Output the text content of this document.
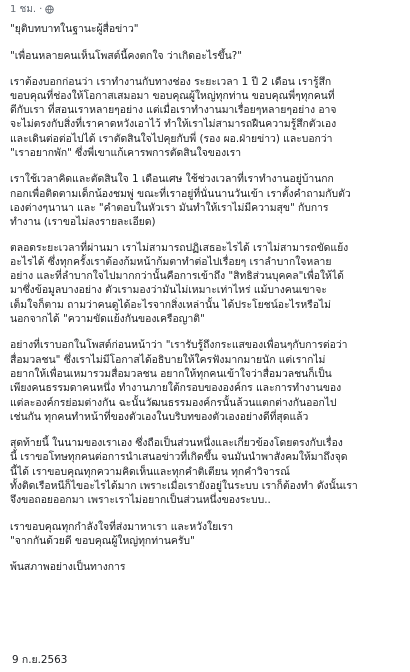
1 ชม. ·

"ยุติบทบาทในฐานะผู้สื่อข่าว"

"เพื่อนหลายคนเห็นโพสต์นี้คงตกใจ ว่าเกิดอะไรขึ้น?"

เราต้องบอกก่อนว่า เราทำงานกับทางช่อง ระยะเวลา 1 ปี 2 เดือน เรารู้สึก
ขอบคุณที่ช่องให้โอกาสเสมอมา ขอบคุณผู้ใหญ่ทุกท่าน ขอบคุณพี่ๆทุกคนที่
ดีกับเรา ที่สอนเราหลายๆอย่าง แต่เมื่อเราทำงานมาเรื่อยๆหลายๆอย่าง อาจ
จะไม่ตรงกับสิ่งที่เราคาดหวังเอาไว้ ทำให้เราไม่สามารถฝืนความรู้สึกตัวเอง
และเดินต่อต่อไปได้ เราตัดสินใจไปคุยกับพี่ (รอง ผอ.ฝ่ายข่าว) และบอกว่า
"เราอยากพัก" ซึ่งพี่เขาแก้เคารพการตัดสินใจของเรา

เราใช้เวลาคิดและตัดสินใจ 1 เดือนเศษ ใช้ช่วงเวลาที่เราทำงานอยู่บ้านกก
กอกเพื่อติดตามเด็กน้องชมพู่ ขณะที่เราอยู่ที่นั่นนานวันเข้า เราตั้งคำถามกับตัว
เองต่างๆนานา และ "คำตอบในหัวเรา มันทำให้เราไม่มีความสุข" กับการ
ทำงาน (เราขอไม่ลงรายละเอียด)

ตลอดระยะเวลาที่ผ่านมา เราไม่สามารถปฏิเสธอะไรได้ เราไม่สามารถขัดแย้ง
อะไรได้ ซึ่งทุกครั้งเราต้องก้มหน้าก้มตาทำต่อไปเรื่อยๆ เราลำบากใจหลาย
อย่าง และที่ลำบากใจไปมากกว่านั้นคือการเข้าถึง "สิทธิส่วนบุคคล"เพื่อให้ได้
มาซึ่งข้อมูลบางอย่าง ตัวเรามองว่ามันไม่เหมาะเท่าไหร่ แม้บางคนเขาจะ
เต็มใจก็ตาม ถามว่าคนดูได้อะไรจากสิ่งเหล่านั้น ได้ประโยชน์อะไรหรือไม่
นอกจากได้ "ความขัดแย้งกันของเครือญาติ"

อย่างที่เราบอกในโพสต์ก่อนหน้าว่า "เรารับรู้ถึงกระแสของเพื่อนๆกับการต่อว่า
สื่อมวลชน" ซึ่งเราไม่มีโอกาสได้อธิบายให้ใครฟังมากมายนัก แต่เรากไม่
อยากให้เพื่อนเหมารวมสื่อมวลชน อยากให้ทุกคนเข้าใจว่าสื่อมวลชนก็เป็น
เพียงคนธรรมดาคนหนึ่ง ทำงานภายใต้กรอบขององค์กร และการทำงานของ
แต่ละองค์กรย่อมต่างกัน ฉะนั้นวัฒนธรรมองค์กรนั้นล้วนแตกต่างกันออกไป
เช่นกัน ทุกคนทำหน้าที่ของตัวเองในบริบทของตัวเองอย่างดีที่สุดแล้ว

สุดท้ายนี้ ในนามของเราเอง ซึ่งถือเป็นส่วนหนึ่งและเกี่ยวข้องโดยตรงกับเรื่อง
นี้ เราขอโทษทุกคนต่อการนำเสนอข่าวที่เกิดขึ้น จนมันนำพาสังคมให้มาถึงจุด
นี้ได้ เราขอบคุณทุกความคิดเห็นและทุกคำติเตียน ทุกคำวิจารณ์
ทั้งติดเรือหนีก็ไขอะไรได้มาก เพราะเมื่อเรายังอยู่ในระบบ เราก็ต้องทำ ดังนั้นเรา
จึงขอถอยออกมา เพราะเราไม่อยากเป็นส่วนหนึ่งของระบบ..

เราขอบคุณทุกกำลังใจที่ส่งมาหาเรา และหวังใยเรา
"จากกันด้วยดี ขอบคุณผู้ใหญ่ทุกท่านครับ"

พ้นสภาพอย่างเป็นทางการ

9 ก.ย.2563
